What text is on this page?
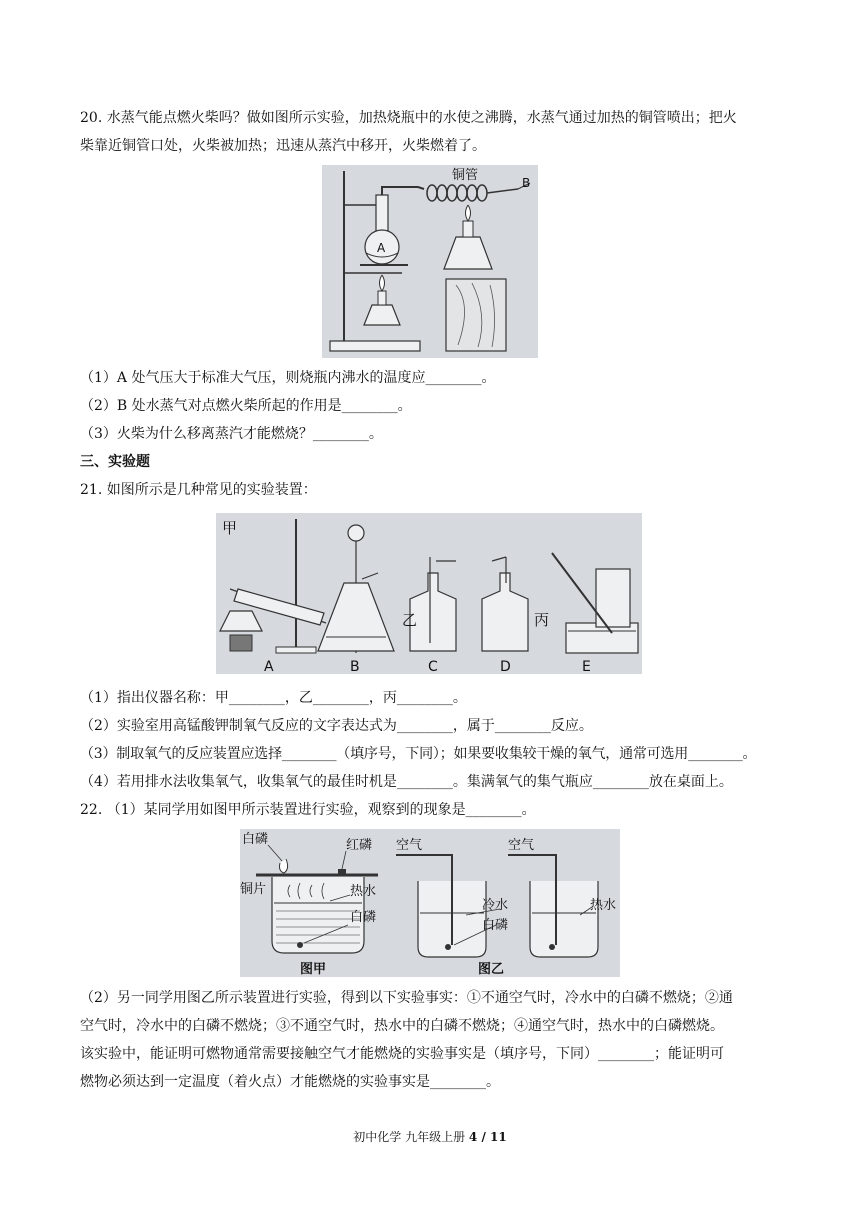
20. 水蒸气能点燃火柴吗？做如图所示实验，加热烧瓶中的水使之沸腾，水蒸气通过加热的铜管喷出；把火
柴靠近铜管口处，火柴被加热；迅速从蒸汽中移开，火柴燃着了。
铜管
A
B
（1）A 处气压大于标准大气压，则烧瓶内沸水的温度应________。
（2）B 处水蒸气对点燃火柴所起的作用是________。
（3）火柴为什么移离蒸汽才能燃烧？________。
三、实验题
21. 如图所示是几种常见的实验装置：
甲
乙	丙
A	B	C	D	E
（1）指出仪器名称：甲________，乙________，丙________。
（2）实验室用高锰酸钾制氧气反应的文字表达式为________，属于________反应。
（3）制取氧气的反应装置应选择________（填序号，下同）；如果要收集较干燥的氧气，通常可选用________。
（4）若用排水法收集氧气，收集氧气的最佳时机是________。集满氧气的集气瓶应________放在桌面上。
22. （1）某同学用如图甲所示装置进行实验，观察到的现象是________。
白磷	红磷
铜片	热水
白磷
空气	空气
冷水
白磷
热水
图甲	图乙
（2）另一同学用图乙所示装置进行实验，得到以下实验事实：①不通空气时，冷水中的白磷不燃烧；②通
空气时，冷水中的白磷不燃烧；③不通空气时，热水中的白磷不燃烧；④通空气时，热水中的白磷燃烧。
该实验中，能证明可燃物通常需要接触空气才能燃烧的实验事实是（填序号，下同）________；能证明可
燃物必须达到一定温度（着火点）才能燃烧的实验事实是________。
初中化学 九年级上册 4 / 11
